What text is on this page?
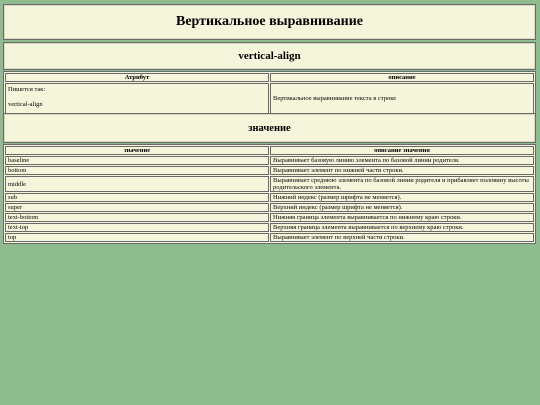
Вертикальное выравнивание
vertical-align
Атрибут	описание

Пишется так:
vertical-align	Вертикальное выравнивание текста в строке
значение
значение	описание значения
baseline	Выравнивает базовую линию элемента по базовой линии родителя.
bottom	Выравнивает элемент по нижней части строки.
middle	Выравнивает среднюю элемента по базовой линии родителя и прибавляет половину высоты родительского элемента.
sub	Нижний индекс (размер шрифта не меняется).
super	Верхний индекс (размер шрифта не меняется).
text-bottom	Нижняя граница элемента выравнивается по нижнему краю строки.
text-top	Верхняя граница элемента выравнивается по верхнему краю строки.
top	Выравнивает элемент по верхней части строки.
